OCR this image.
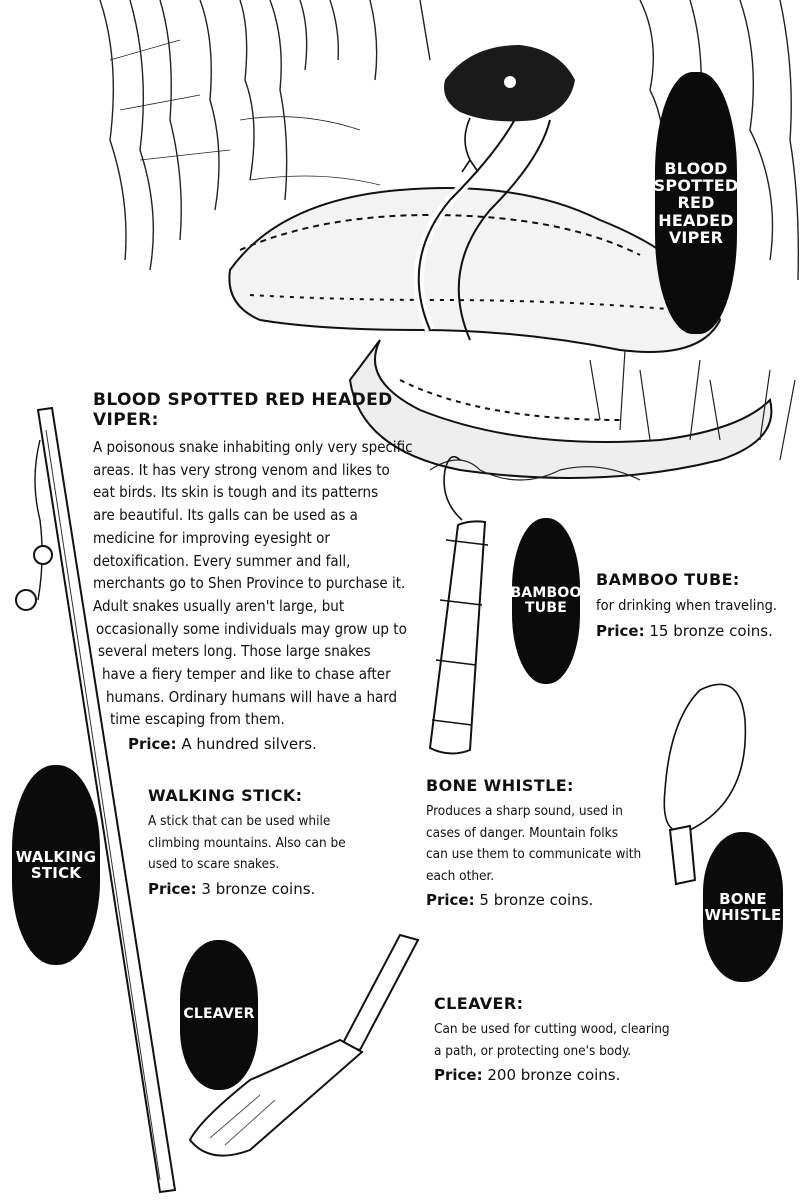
BLOOD
SPOTTED
RED
HEADED
VIPER
BAMBOO
TUBE
WALKING
STICK
BONE
WHISTLE
CLEAVER
BLOOD SPOTTED RED HEADED VIPER:
A poisonous snake inhabiting only very specific
areas. It has very strong venom and likes to
eat birds. Its skin is tough and its patterns
are beautiful. Its galls can be used as a
medicine for improving eyesight or
detoxification. Every summer and fall,
merchants go to Shen Province to purchase it.
Adult snakes usually aren't large, but
occasionally some individuals may grow up to
several meters long. Those large snakes
have a fiery temper and like to chase after
humans. Ordinary humans will have a hard
time escaping from them.
Price: A hundred silvers.
BAMBOO TUBE:
for drinking when traveling.
Price: 15 bronze coins.
BONE WHISTLE:
Produces a sharp sound, used in
cases of danger. Mountain folks
can use them to communicate with
each other.
Price: 5 bronze coins.
WALKING STICK:
A stick that can be used while
climbing mountains. Also can be
used to scare snakes.
Price: 3 bronze coins.
CLEAVER:
Can be used for cutting wood, clearing
a path, or protecting one's body.
Price: 200 bronze coins.
